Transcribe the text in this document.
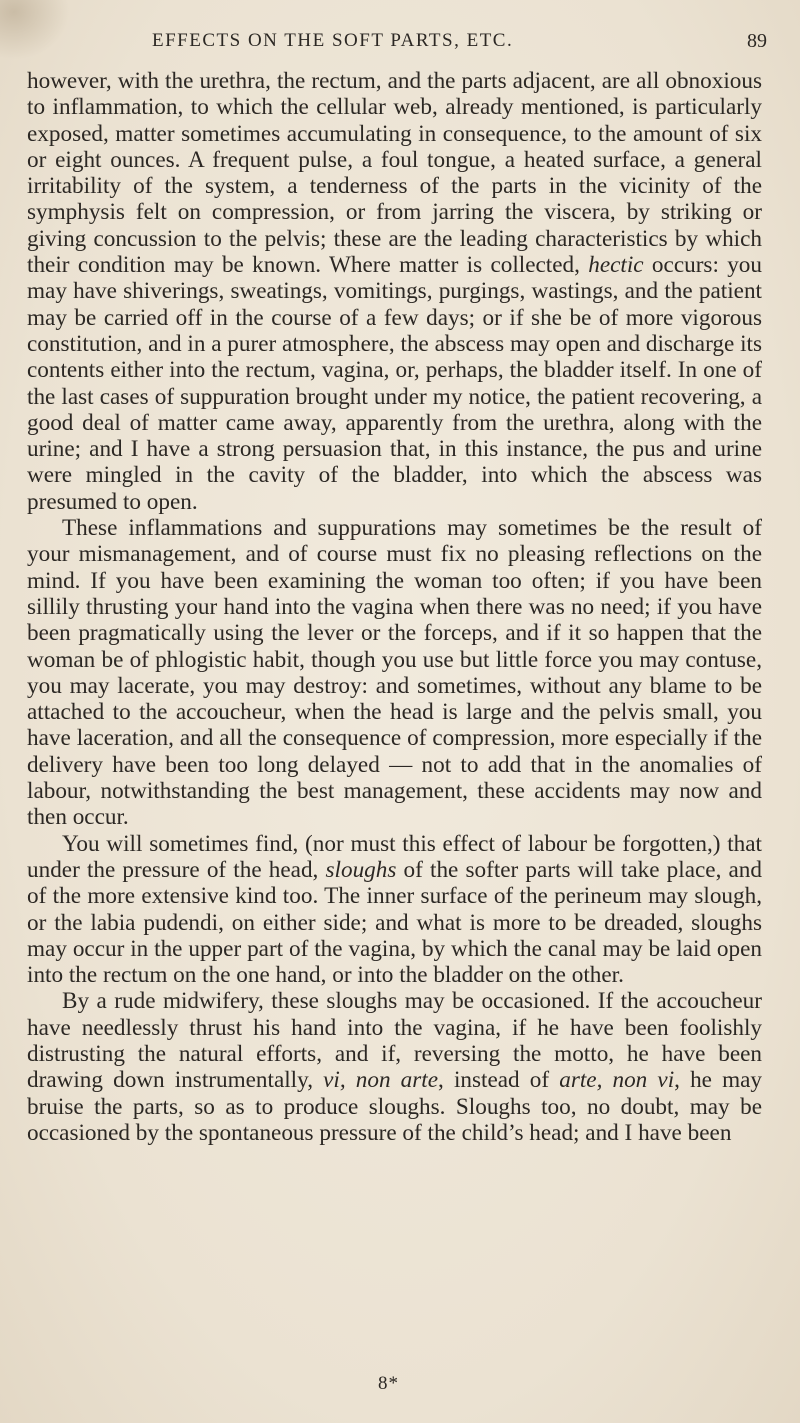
EFFECTS ON THE SOFT PARTS, ETC.	89

however, with the urethra, the rectum, and the parts adjacent, are all obnoxious to inflammation, to which the cellular web, already mentioned, is particularly exposed, matter sometimes accumulating in consequence, to the amount of six or eight ounces. A frequent pulse, a foul tongue, a heated surface, a general irritability of the system, a tenderness of the parts in the vicinity of the symphysis felt on compression, or from jarring the viscera, by striking or giving concussion to the pelvis; these are the leading characteristics by which their condition may be known. Where matter is collected, hectic occurs: you may have shiverings, sweatings, vomitings, purgings, wastings, and the patient may be carried off in the course of a few days; or if she be of more vigorous constitution, and in a purer atmosphere, the abscess may open and discharge its contents either into the rectum, vagina, or, perhaps, the bladder itself. In one of the last cases of suppuration brought under my notice, the patient recovering, a good deal of matter came away, apparently from the urethra, along with the urine; and I have a strong persuasion that, in this instance, the pus and urine were mingled in the cavity of the bladder, into which the abscess was presumed to open.

These inflammations and suppurations may sometimes be the result of your mismanagement, and of course must fix no pleasing reflections on the mind. If you have been examining the woman too often; if you have been sillily thrusting your hand into the vagina when there was no need; if you have been pragmatically using the lever or the forceps, and if it so happen that the woman be of phlogistic habit, though you use but little force you may contuse, you may lacerate, you may destroy: and sometimes, without any blame to be attached to the accoucheur, when the head is large and the pelvis small, you have laceration, and all the consequence of compression, more especially if the delivery have been too long delayed — not to add that in the anomalies of labour, notwithstanding the best management, these accidents may now and then occur.

You will sometimes find, (nor must this effect of labour be forgotten,) that under the pressure of the head, sloughs of the softer parts will take place, and of the more extensive kind too. The inner surface of the perineum may slough, or the labia pudendi, on either side; and what is more to be dreaded, sloughs may occur in the upper part of the vagina, by which the canal may be laid open into the rectum on the one hand, or into the bladder on the other.

By a rude midwifery, these sloughs may be occasioned. If the accoucheur have needlessly thrust his hand into the vagina, if he have been foolishly distrusting the natural efforts, and if, reversing the motto, he have been drawing down instrumentally, vi, non arte, instead of arte, non vi, he may bruise the parts, so as to produce sloughs. Sloughs too, no doubt, may be occasioned by the spontaneous pressure of the child’s head; and I have been

8*
